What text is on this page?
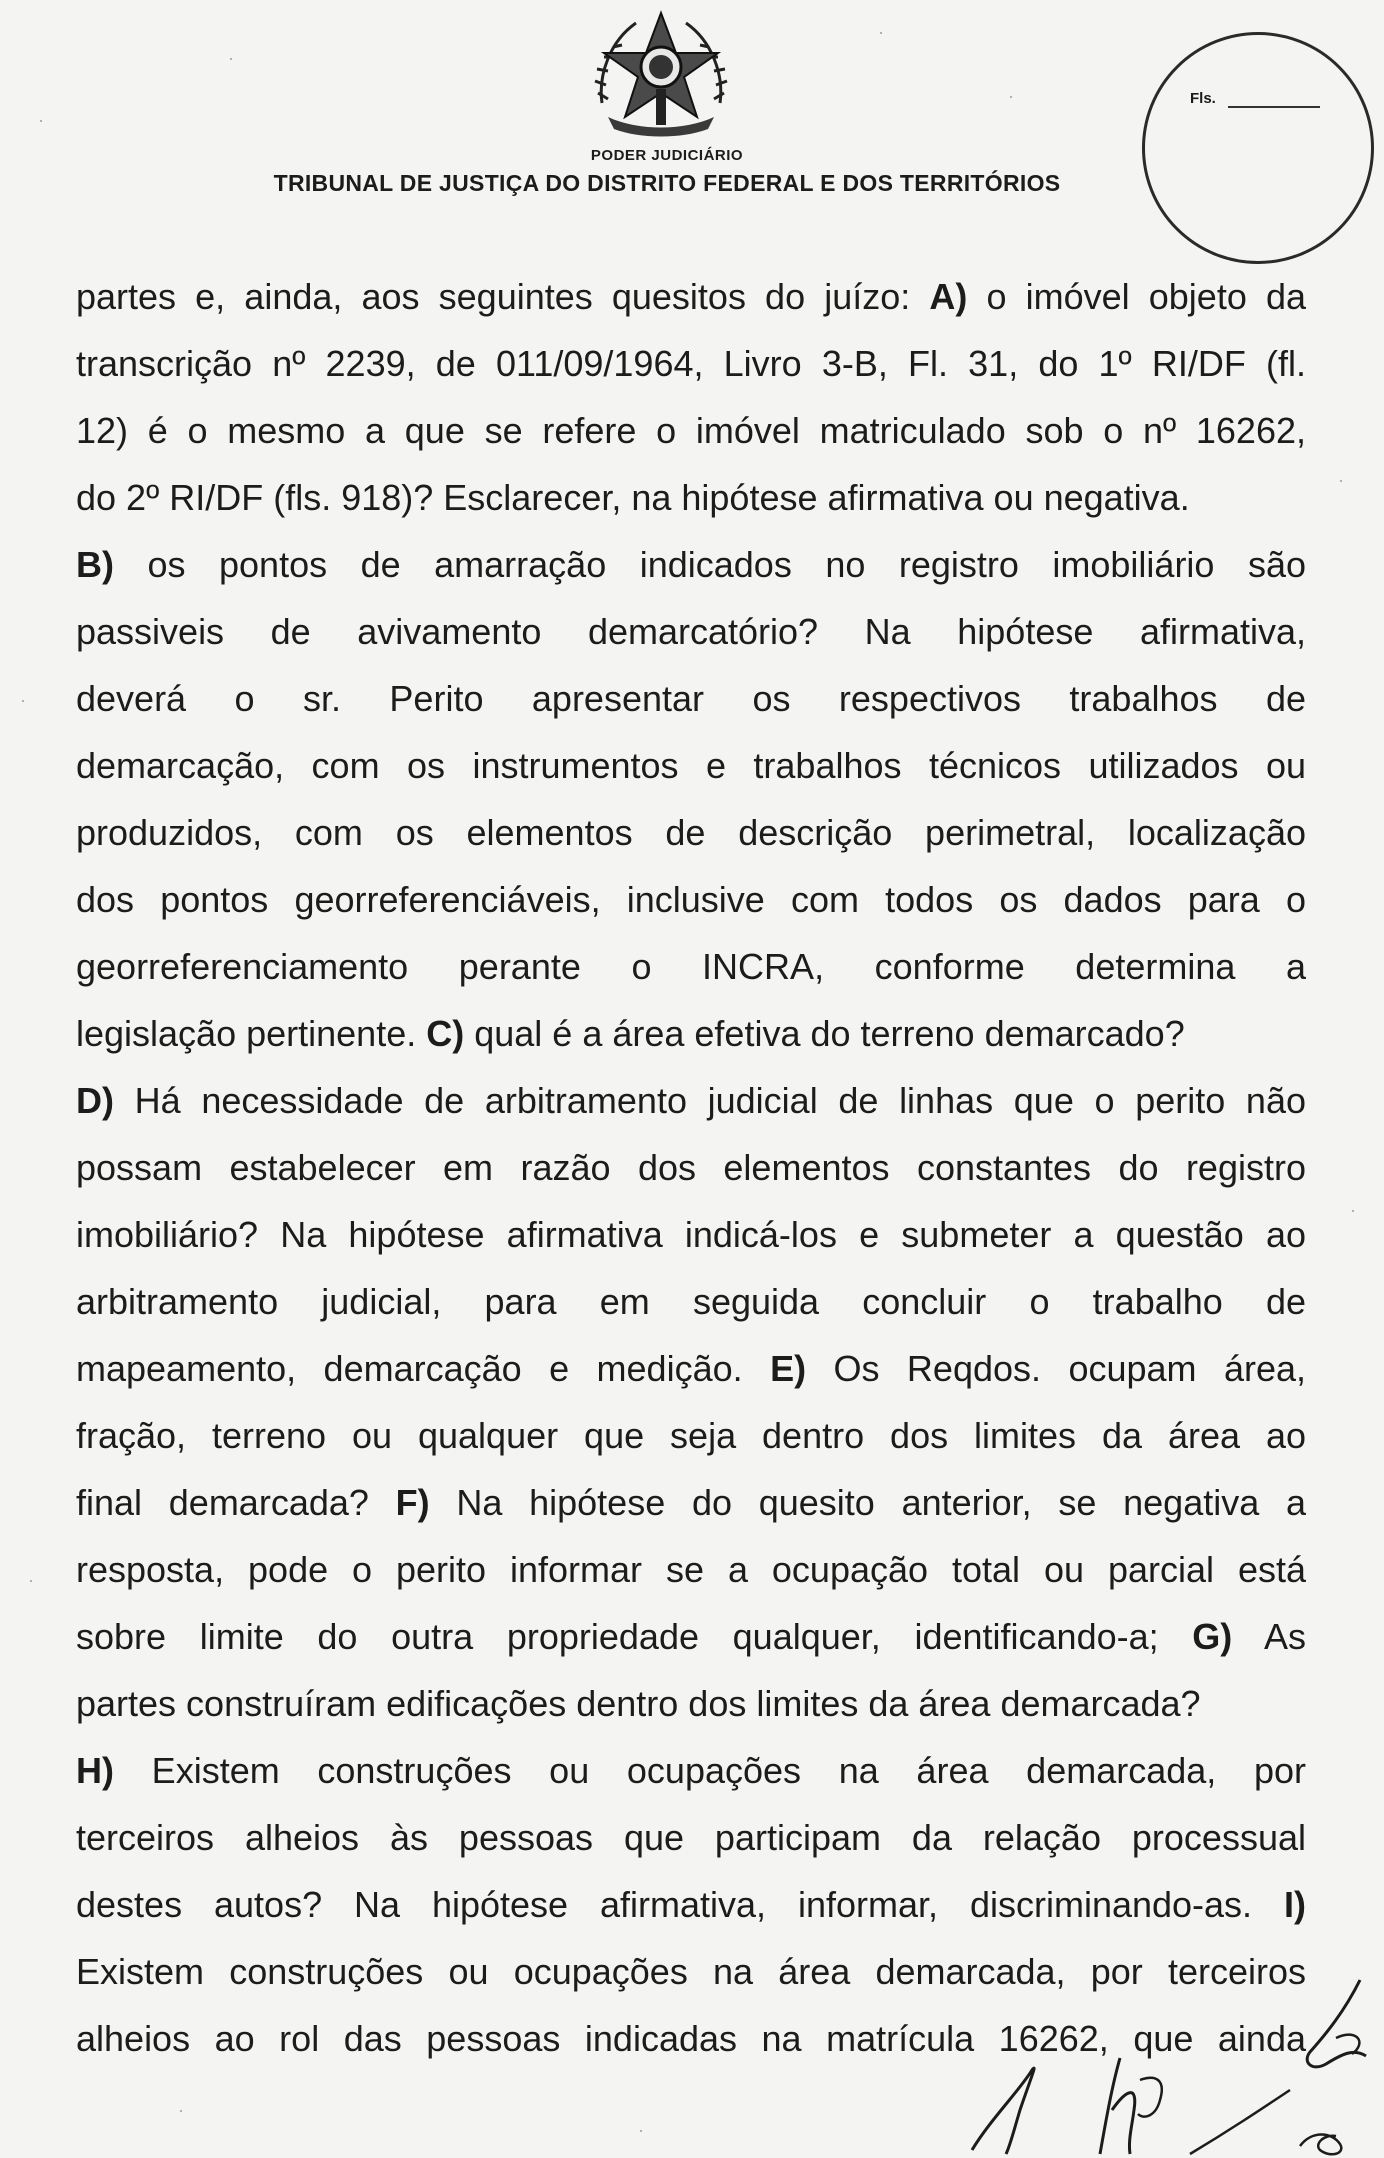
PODER JUDICIÁRIO
TRIBUNAL DE JUSTIÇA DO DISTRITO FEDERAL E DOS TERRITÓRIOS
Fls.
partes e, ainda, aos seguintes quesitos do juízo: A) o imóvel objeto da
transcrição nº 2239, de 011/09/1964, Livro 3-B, Fl. 31, do 1º RI/DF (fl.
12) é o mesmo a que se refere o imóvel matriculado sob o nº 16262,
do 2º RI/DF (fls. 918)? Esclarecer, na hipótese afirmativa ou negativa.
B) os pontos de amarração indicados no registro imobiliário são
passiveis de avivamento demarcatório? Na hipótese afirmativa,
deverá o sr. Perito apresentar os respectivos trabalhos de
demarcação, com os instrumentos e trabalhos técnicos utilizados ou
produzidos, com os elementos de descrição perimetral, localização
dos pontos georreferenciáveis, inclusive com todos os dados para o
georreferenciamento perante o INCRA, conforme determina a
legislação pertinente. C) qual é a área efetiva do terreno demarcado?
D) Há necessidade de arbitramento judicial de linhas que o perito não
possam estabelecer em razão dos elementos constantes do registro
imobiliário? Na hipótese afirmativa indicá-los e submeter a questão ao
arbitramento judicial, para em seguida concluir o trabalho de
mapeamento, demarcação e medição. E) Os Reqdos. ocupam área,
fração, terreno ou qualquer que seja dentro dos limites da área ao
final demarcada? F) Na hipótese do quesito anterior, se negativa a
resposta, pode o perito informar se a ocupação total ou parcial está
sobre limite do outra propriedade qualquer, identificando-a; G) As
partes construíram edificações dentro dos limites da área demarcada?
H) Existem construções ou ocupações na área demarcada, por
terceiros alheios às pessoas que participam da relação processual
destes autos? Na hipótese afirmativa, informar, discriminando-as. I)
Existem construções ou ocupações na área demarcada, por terceiros
alheios ao rol das pessoas indicadas na matrícula 16262, que ainda
